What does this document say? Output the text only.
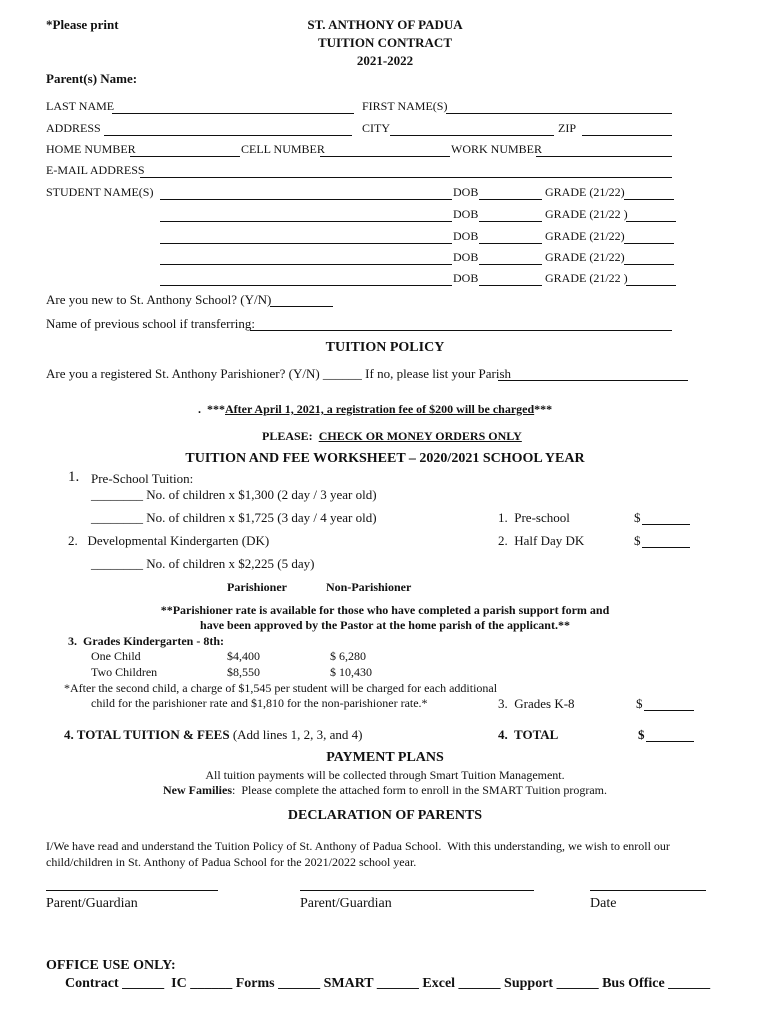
*Please print	ST. ANTHONY OF PADUA
TUITION CONTRACT
2021-2022
Parent(s) Name:
LAST NAME	FIRST NAME(S)
ADDRESS	CITY	ZIP
HOME NUMBER	CELL NUMBER	WORK NUMBER
E-MAIL ADDRESS
STUDENT NAME(S)	DOB	GRADE (21/22)
DOB	GRADE (21/22 )
DOB	GRADE (21/22)
DOB	GRADE (21/22)
DOB	GRADE (21/22 )
Are you new to St. Anthony School? (Y/N)
Name of previous school if transferring:
TUITION POLICY
Are you a registered St. Anthony Parishioner? (Y/N) ______ If no, please list your Parish
.  ***After April 1, 2021, a registration fee of $200 will be charged***
PLEASE:  CHECK OR MONEY ORDERS ONLY
TUITION AND FEE WORKSHEET – 2020/2021 SCHOOL YEAR
1. Pre-School Tuition:
________ No. of children x $1,300 (2 day / 3 year old)
________ No. of children x $1,725 (3 day / 4 year old)	1.  Pre-school	$
2.   Developmental Kindergarten (DK)	2.  Half Day DK	$
________ No. of children x $2,225 (5 day)
Parishioner	Non-Parishioner
**Parishioner rate is available for those who have completed a parish support form and
have been approved by the Pastor at the home parish of the applicant.**
3.  Grades Kindergarten - 8th:
One Child	$4,400	$ 6,280
Two Children	$8,550	$ 10,430
*After the second child, a charge of $1,545 per student will be charged for each additional
child for the parishioner rate and $1,810 for the non-parishioner rate.*	3.  Grades K-8	$
4. TOTAL TUITION & FEES (Add lines 1, 2, 3, and 4)	4.  TOTAL	$
PAYMENT PLANS
All tuition payments will be collected through Smart Tuition Management.
New Families:  Please complete the attached form to enroll in the SMART Tuition program.
DECLARATION OF PARENTS
I/We have read and understand the Tuition Policy of St. Anthony of Padua School.  With this understanding, we wish to enroll our
child/children in St. Anthony of Padua School for the 2021/2022 school year.
Parent/Guardian	Parent/Guardian	Date
OFFICE USE ONLY:
Contract ______  IC ______ Forms ______ SMART ______ Excel ______ Support ______ Bus Office ______
